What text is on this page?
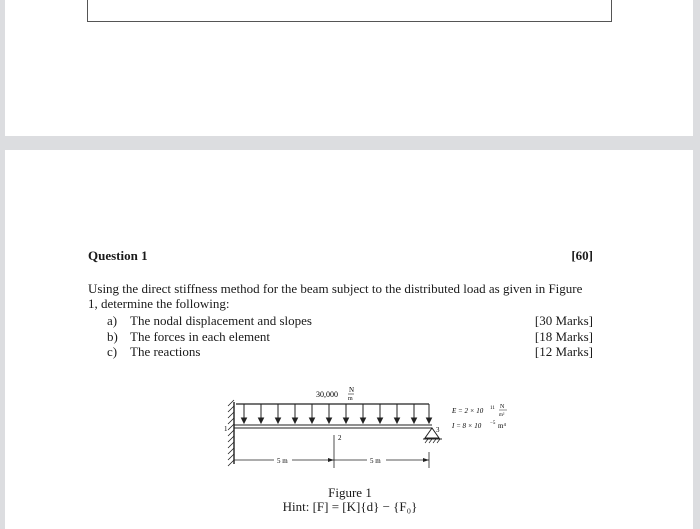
Question 1	[60]
Using the direct stiffness method for the beam subject to the distributed load as given in Figure 1, determine the following:
a) The nodal displacement and slopes	[30 Marks]
b) The forces in each element	[18 Marks]
c) The reactions	[12 Marks]
30,000 N
m
1
2
3
5 m	5 m
E = 2 × 10 11 N
m²
I = 8 × 10 −5 m⁴
Figure 1
Hint: [F] = [K]{d} − {F₀}
